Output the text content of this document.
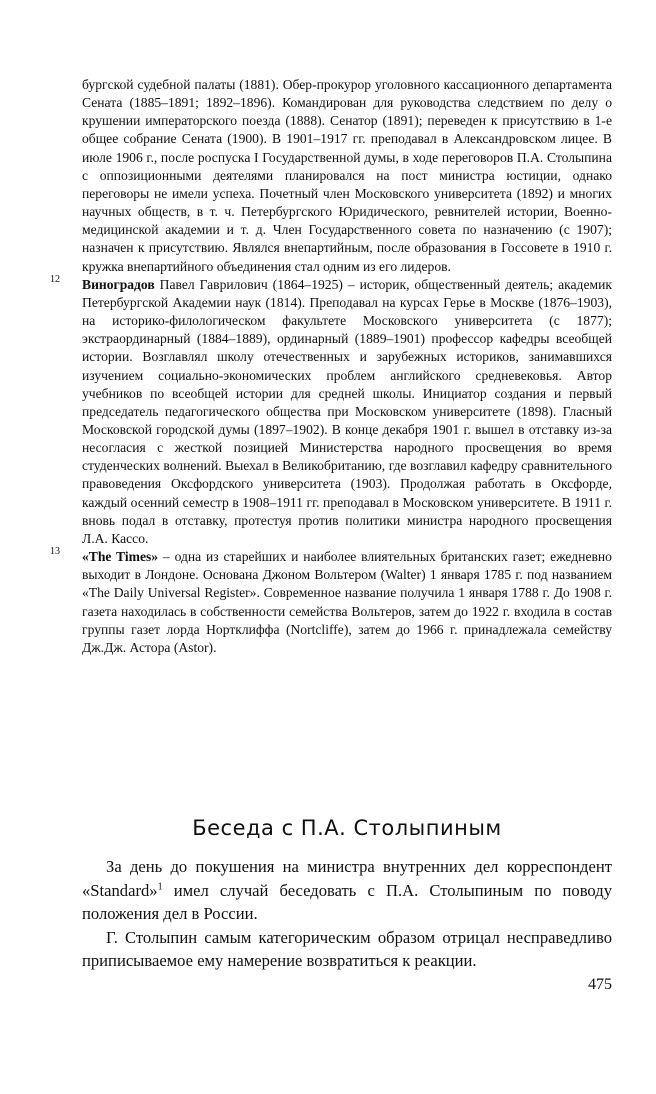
бургской судебной палаты (1881). Обер-прокурор уголовного кассационного департамента Сената (1885–1891; 1892–1896). Командирован для руководства следствием по делу о крушении императорского поезда (1888). Сенатор (1891); переведен к присутствию в 1-е общее собрание Сената (1900). В 1901–1917 гг. преподавал в Александровском лицее. В июле 1906 г., после роспуска I Государственной думы, в ходе переговоров П.А. Столыпина с оппозиционными деятелями планировался на пост министра юстиции, однако переговоры не имели успеха. Почетный член Московского университета (1892) и многих научных обществ, в т. ч. Петербургского Юридического, ревнителей истории, Военно-медицинской академии и т. д. Член Государственного совета по назначению (с 1907); назначен к присутствию. Являлся внепартийным, после образования в Госсовете в 1910 г. кружка внепартийного объединения стал одним из его лидеров.

12 Виноградов Павел Гаврилович (1864–1925) – историк, общественный деятель; академик Петербургской Академии наук (1814). Преподавал на курсах Герье в Москве (1876–1903), на историко-филологическом факультете Московского университета (с 1877); экстраординарный (1884–1889), ординарный (1889–1901) профессор кафедры всеобщей истории. Возглавлял школу отечественных и зарубежных историков, занимавшихся изучением социально-экономических проблем английского средневековья. Автор учебников по всеобщей истории для средней школы. Инициатор создания и первый председатель педагогического общества при Московском университете (1898). Гласный Московской городской думы (1897–1902). В конце декабря 1901 г. вышел в отставку из-за несогласия с жесткой позицией Министерства народного просвещения во время студенческих волнений. Выехал в Великобританию, где возглавил кафедру сравнительного правоведения Оксфордского университета (1903). Продолжая работать в Оксфорде, каждый осенний семестр в 1908–1911 гг. преподавал в Московском университете. В 1911 г. вновь подал в отставку, протестуя против политики министра народного просвещения Л.А. Кассо.

13 «The Times» – одна из старейших и наиболее влиятельных британских газет; ежедневно выходит в Лондоне. Основана Джоном Вольтером (Walter) 1 января 1785 г. под названием «The Daily Universal Register». Современное название получила 1 января 1788 г. До 1908 г. газета находилась в собственности семейства Вольтеров, затем до 1922 г. входила в состав группы газет лорда Нортклиффа (Nortcliffe), затем до 1966 г. принадлежала семейству Дж.Дж. Астора (Astor).

Беседа с П.А. Столыпиным

За день до покушения на министра внутренних дел корреспондент «Standard»$^1$ имел случай беседовать с П.А. Столыпиным по поводу положения дел в России.

Г. Столыпин самым категорическим образом отрицал несправедливо приписываемое ему намерение возвратиться к реакции.

475
